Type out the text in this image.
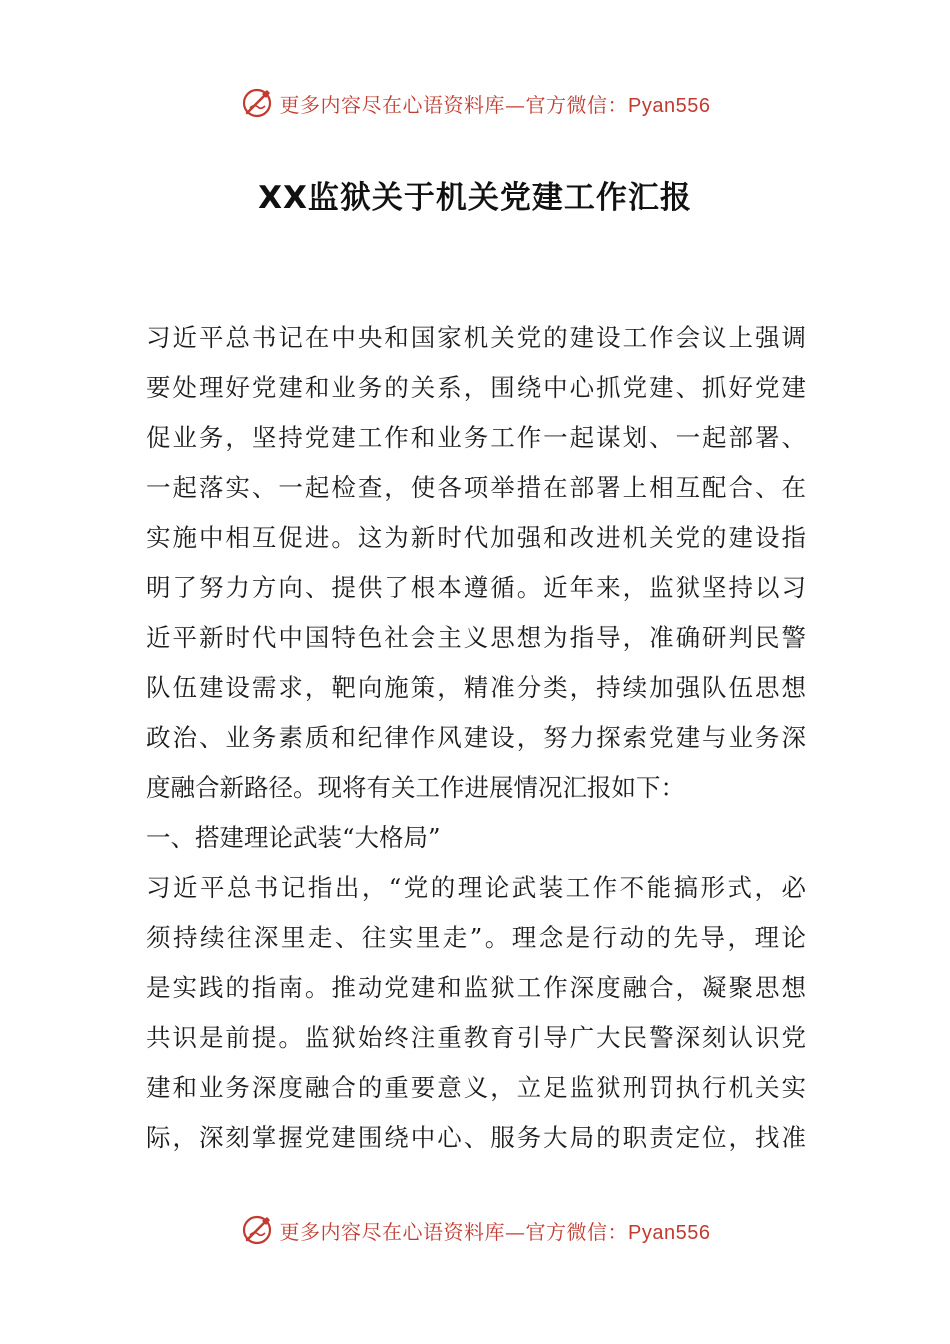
更多内容尽在心语资料库—官方微信：Pyan556
XX监狱关于机关党建工作汇报
习近平总书记在中央和国家机关党的建设工作会议上强调
要处理好党建和业务的关系，围绕中心抓党建、抓好党建
促业务，坚持党建工作和业务工作一起谋划、一起部署、
一起落实、一起检查，使各项举措在部署上相互配合、在
实施中相互促进。这为新时代加强和改进机关党的建设指
明了努力方向、提供了根本遵循。近年来，监狱坚持以习
近平新时代中国特色社会主义思想为指导，准确研判民警
队伍建设需求，靶向施策，精准分类，持续加强队伍思想
政治、业务素质和纪律作风建设，努力探索党建与业务深
度融合新路径。现将有关工作进展情况汇报如下：
一、搭建理论武装“大格局”
习近平总书记指出，“党的理论武装工作不能搞形式，必
须持续往深里走、往实里走”。理念是行动的先导，理论
是实践的指南。推动党建和监狱工作深度融合，凝聚思想
共识是前提。监狱始终注重教育引导广大民警深刻认识党
建和业务深度融合的重要意义，立足监狱刑罚执行机关实
际，深刻掌握党建围绕中心、服务大局的职责定位，找准
更多内容尽在心语资料库—官方微信：Pyan556
